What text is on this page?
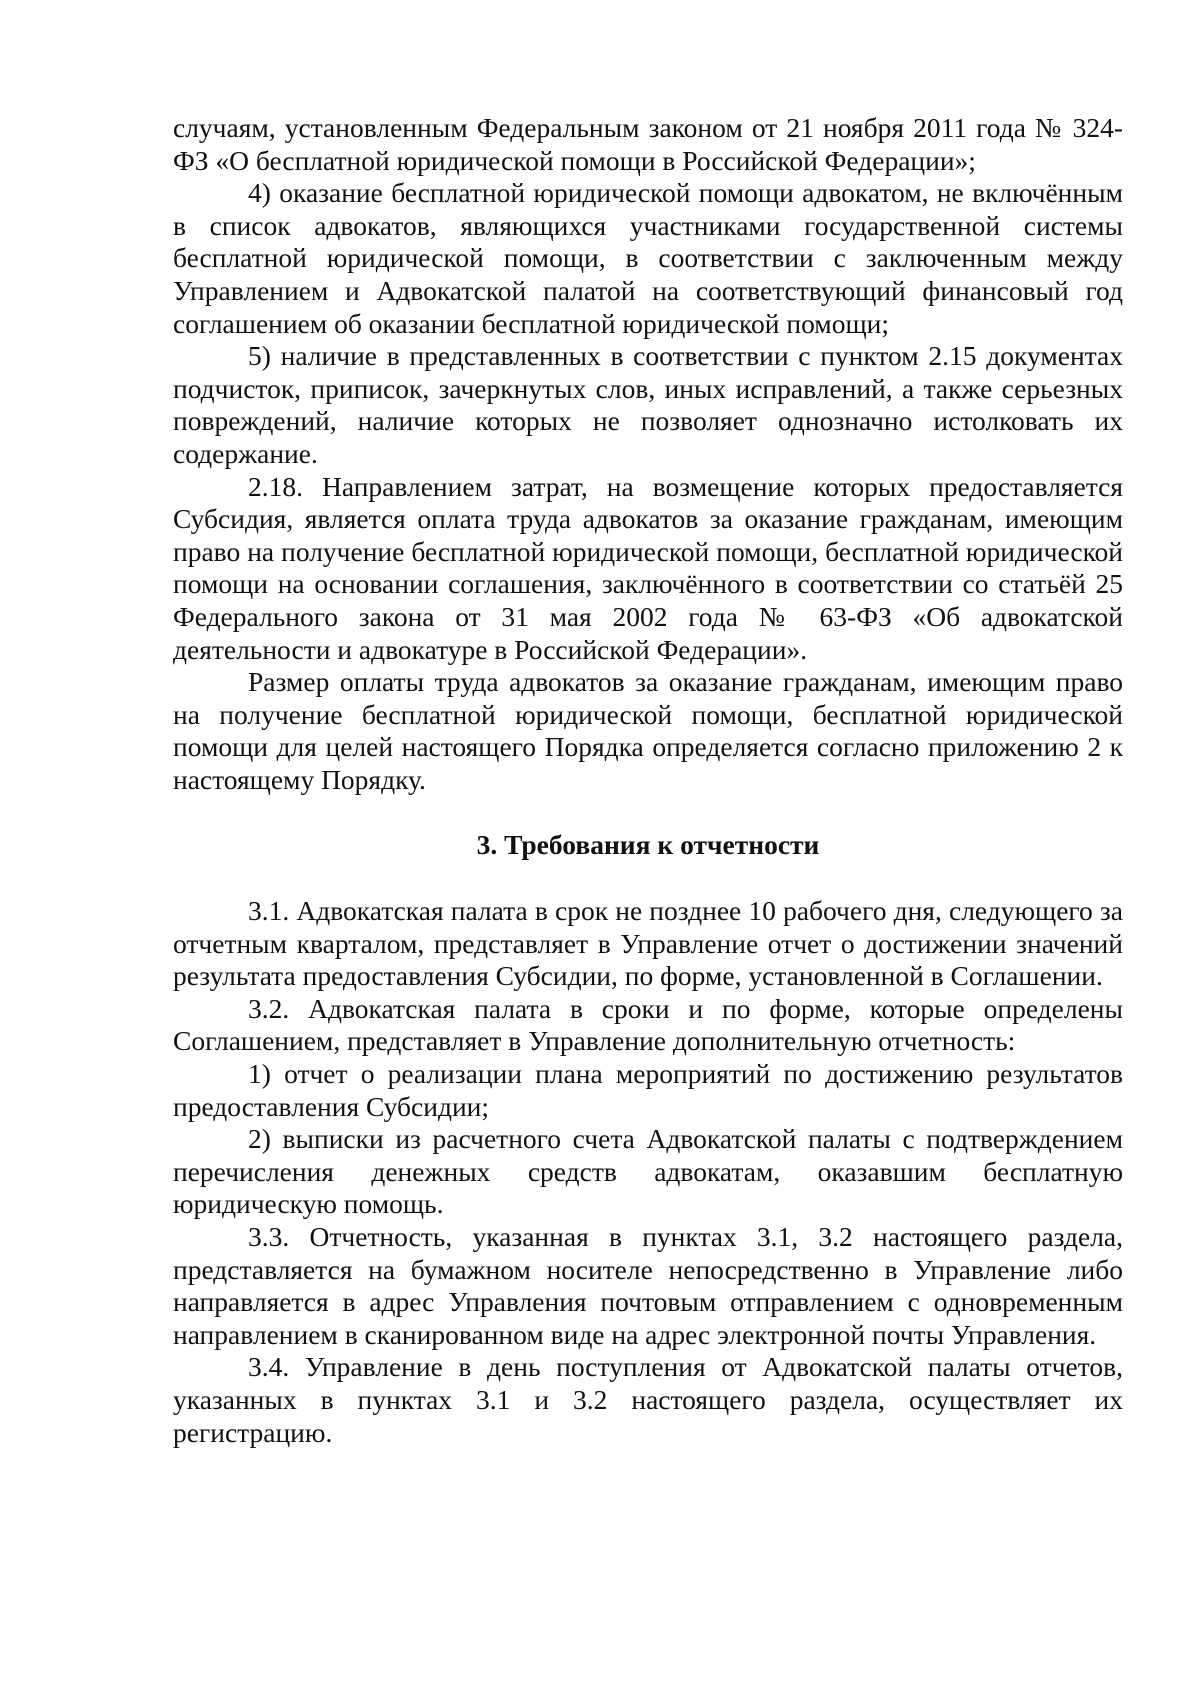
случаям, установленным Федеральным законом от 21 ноября 2011 года № 324-ФЗ «О бесплатной юридической помощи в Российской Федерации»;

4) оказание бесплатной юридической помощи адвокатом, не включённым в список адвокатов, являющихся участниками государственной системы бесплатной юридической помощи, в соответствии с заключенным между Управлением и Адвокатской палатой на соответствующий финансовый год соглашением об оказании бесплатной юридической помощи;

5) наличие в представленных в соответствии с пунктом 2.15 документах подчисток, приписок, зачеркнутых слов, иных исправлений, а также серьезных повреждений, наличие которых не позволяет однозначно истолковать их содержание.

2.18. Направлением затрат, на возмещение которых предоставляется Субсидия, является оплата труда адвокатов за оказание гражданам, имеющим право на получение бесплатной юридической помощи, бесплатной юридической помощи на основании соглашения, заключённого в соответствии со статьёй 25 Федерального закона от 31 мая 2002 года № 63-ФЗ «Об адвокатской деятельности и адвокатуре в Российской Федерации».

Размер оплаты труда адвокатов за оказание гражданам, имеющим право на получение бесплатной юридической помощи, бесплатной юридической помощи для целей настоящего Порядка определяется согласно приложению 2 к настоящему Порядку.

3. Требования к отчетности

3.1. Адвокатская палата в срок не позднее 10 рабочего дня, следующего за отчетным кварталом, представляет в Управление отчет о достижении значений результата предоставления Субсидии, по форме, установленной в Соглашении.

3.2. Адвокатская палата в сроки и по форме, которые определены Соглашением, представляет в Управление дополнительную отчетность:

1) отчет о реализации плана мероприятий по достижению результатов предоставления Субсидии;

2) выписки из расчетного счета Адвокатской палаты с подтверждением перечисления денежных средств адвокатам, оказавшим бесплатную юридическую помощь.

3.3. Отчетность, указанная в пунктах 3.1, 3.2 настоящего раздела, представляется на бумажном носителе непосредственно в Управление либо направляется в адрес Управления почтовым отправлением с одновременным направлением в сканированном виде на адрес электронной почты Управления.

3.4. Управление в день поступления от Адвокатской палаты отчетов, указанных в пунктах 3.1 и 3.2 настоящего раздела, осуществляет их регистрацию.
